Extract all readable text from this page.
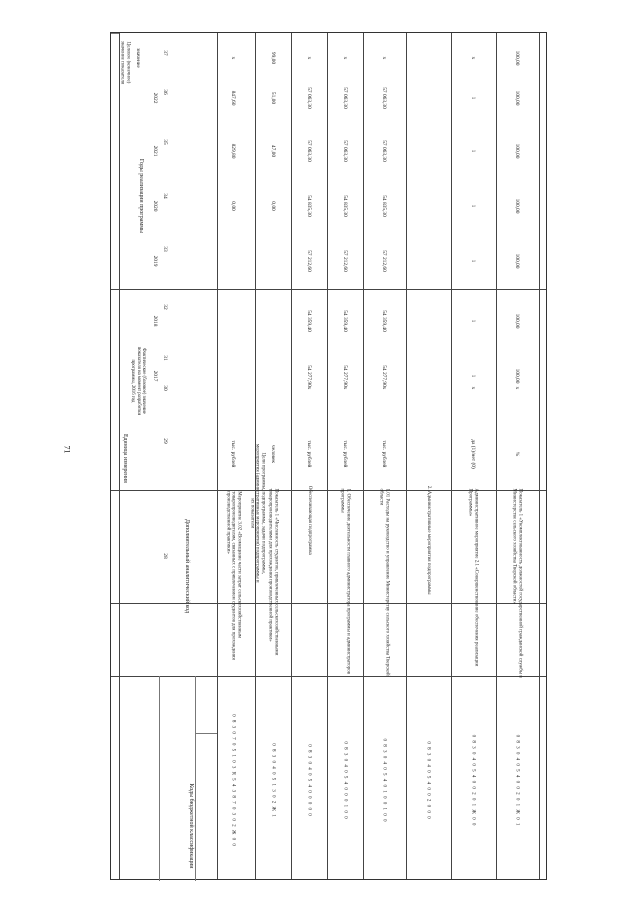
71
Коды бюджетной классификации
Дополнительный аналитический код	Цели программы, подпрограммы, задачи подпрограммы, мероприятия (административные мероприятия) подпрограммы и их показатели
Единица измерения
Фактическое (базовое) значение показателя на момент разработки программы, 2016 год
Годы реализации программы
Целевое (конечное) значение показателя	значение
2017
2018
2019
2020
2021
2022
28
29
30
31
32
33
34
35
36
37
0 8 3 0 7 0 5 1 0 3 R 5 4 3 8 7 0 3 0 2 Ж 0 0
Мероприятие 3.02 «Возмещение части затрат сельскохозяйственным товаропроизводителям, связанных с привлечением студентов для прохождения производственной практики»
тыс. рублей
0,00
829,80
847,60
х
0 8 3 0 4 0 5 1 3 0 2 Ж 1
Показатель 1 «Численность студентов, привлеченных сельскохозяйственными товаропроизводителями для прохождения производственной практики»
человек
0,00
47,00
51,00
99,00
0 8 3 0 4 0 5 4 0 0 0 0 0
Обеспечивающая подпрограмма
тыс. рублей
х
54 277,90
54 359,40
57 212,60
54 835,30
57 063,30
57 063,30
х
0 8 3 0 4 0 5 4 0 0 0 1 0 0
1. Обеспечение деятельности главного администратора программы и администраторов программы
тыс. рублей
х
54 277,90
54 359,40
57 212,60
54 835,30
57 063,30
57 063,30
х
0 8 3 0 4 0 5 4 0 1 0 0 1 0 0
1.01 Расходы на руководство и управление Министерству сельского хозяйства Тверской области
тыс. рублей
х
54 277,90
54 359,40
57 212,60
54 835,30
57 063,30
57 063,30
х
0 8 3 0 4 0 5 4 0 0 2 0 0 0
2. Административные мероприятия подпрограммы
0 8 3 0 4 0 5 4 0 0 2 0 1 Ж 0 0
Административное мероприятие 2.1 «Совершенствование обеспечения реализации Программы»
да (1)/нет (0)
х
1
1
1
1
1
1
х
0 8 3 0 4 0 5 4 0 0 2 0 1 Ж 0 1
Показатель 1 «Укомплектованность должностей государственной гражданской службы в Министерстве сельского хозяйства Тверской области»
%
х
100,00
100,00
100,00
100,00
100,00
100,00
100,00
